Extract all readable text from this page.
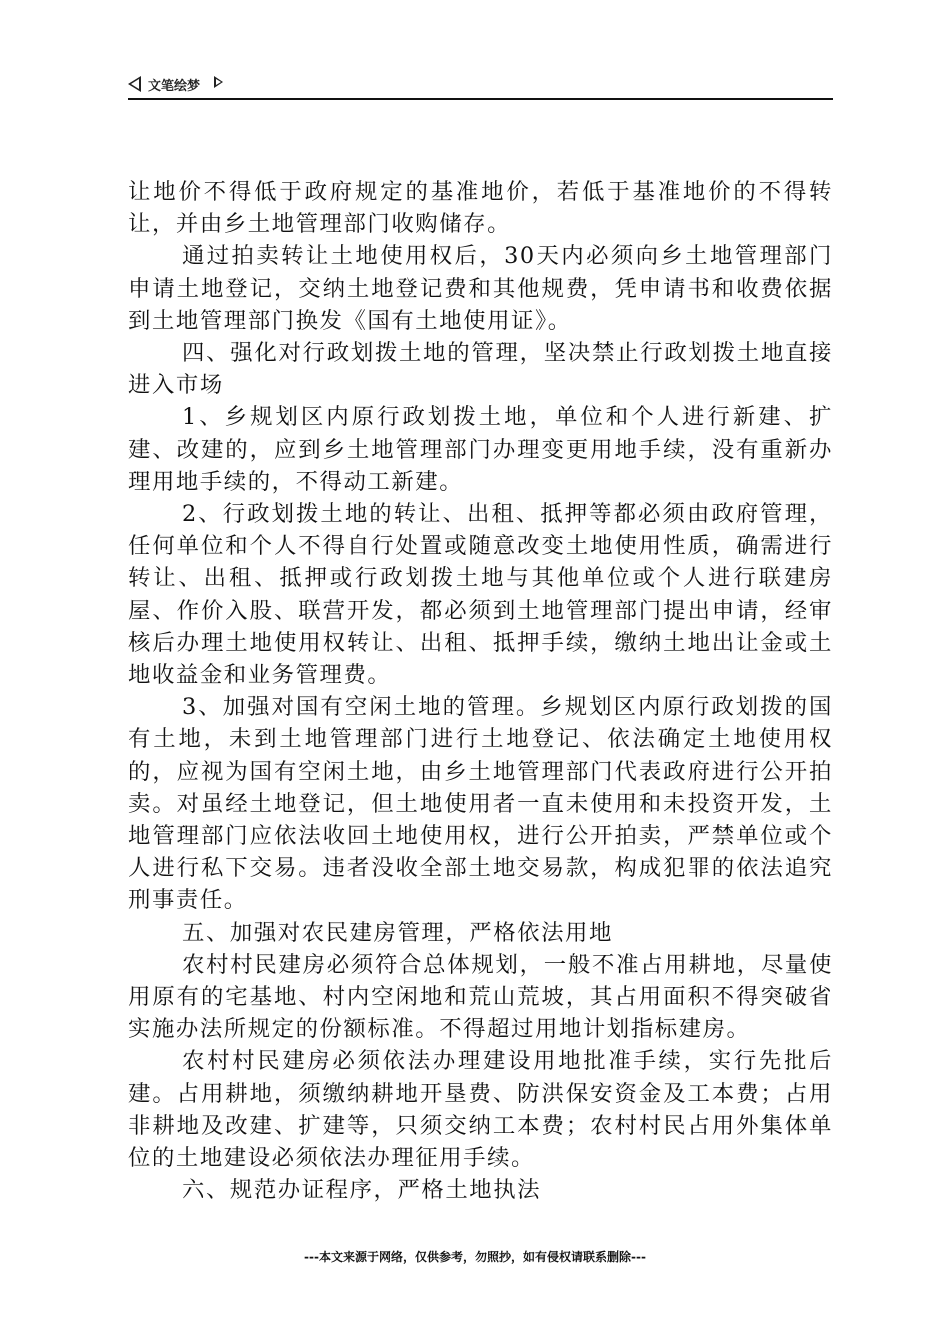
文笔绘梦

让地价不得低于政府规定的基准地价，若低于基准地价的不得转让，并由乡土地管理部门收购储存。

通过拍卖转让土地使用权后，30天内必须向乡土地管理部门申请土地登记，交纳土地登记费和其他规费，凭申请书和收费依据到土地管理部门换发《国有土地使用证》。

四、强化对行政划拨土地的管理，坚决禁止行政划拨土地直接进入市场

1、乡规划区内原行政划拨土地，单位和个人进行新建、扩建、改建的，应到乡土地管理部门办理变更用地手续，没有重新办理用地手续的，不得动工新建。

2、行政划拨土地的转让、出租、抵押等都必须由政府管理，任何单位和个人不得自行处置或随意改变土地使用性质，确需进行转让、出租、抵押或行政划拨土地与其他单位或个人进行联建房屋、作价入股、联营开发，都必须到土地管理部门提出申请，经审核后办理土地使用权转让、出租、抵押手续，缴纳土地出让金或土地收益金和业务管理费。

3、加强对国有空闲土地的管理。乡规划区内原行政划拨的国有土地，未到土地管理部门进行土地登记、依法确定土地使用权的，应视为国有空闲土地，由乡土地管理部门代表政府进行公开拍卖。对虽经土地登记，但土地使用者一直未使用和未投资开发，土地管理部门应依法收回土地使用权，进行公开拍卖，严禁单位或个人进行私下交易。违者没收全部土地交易款，构成犯罪的依法追究刑事责任。

五、加强对农民建房管理，严格依法用地

农村村民建房必须符合总体规划，一般不准占用耕地，尽量使用原有的宅基地、村内空闲地和荒山荒坡，其占用面积不得突破省实施办法所规定的份额标准。不得超过用地计划指标建房。

农村村民建房必须依法办理建设用地批准手续，实行先批后建。占用耕地，须缴纳耕地开垦费、防洪保安资金及工本费；占用非耕地及改建、扩建等，只须交纳工本费；农村村民占用外集体单位的土地建设必须依法办理征用手续。

六、规范办证程序，严格土地执法

---本文来源于网络，仅供参考，勿照抄，如有侵权请联系删除---
